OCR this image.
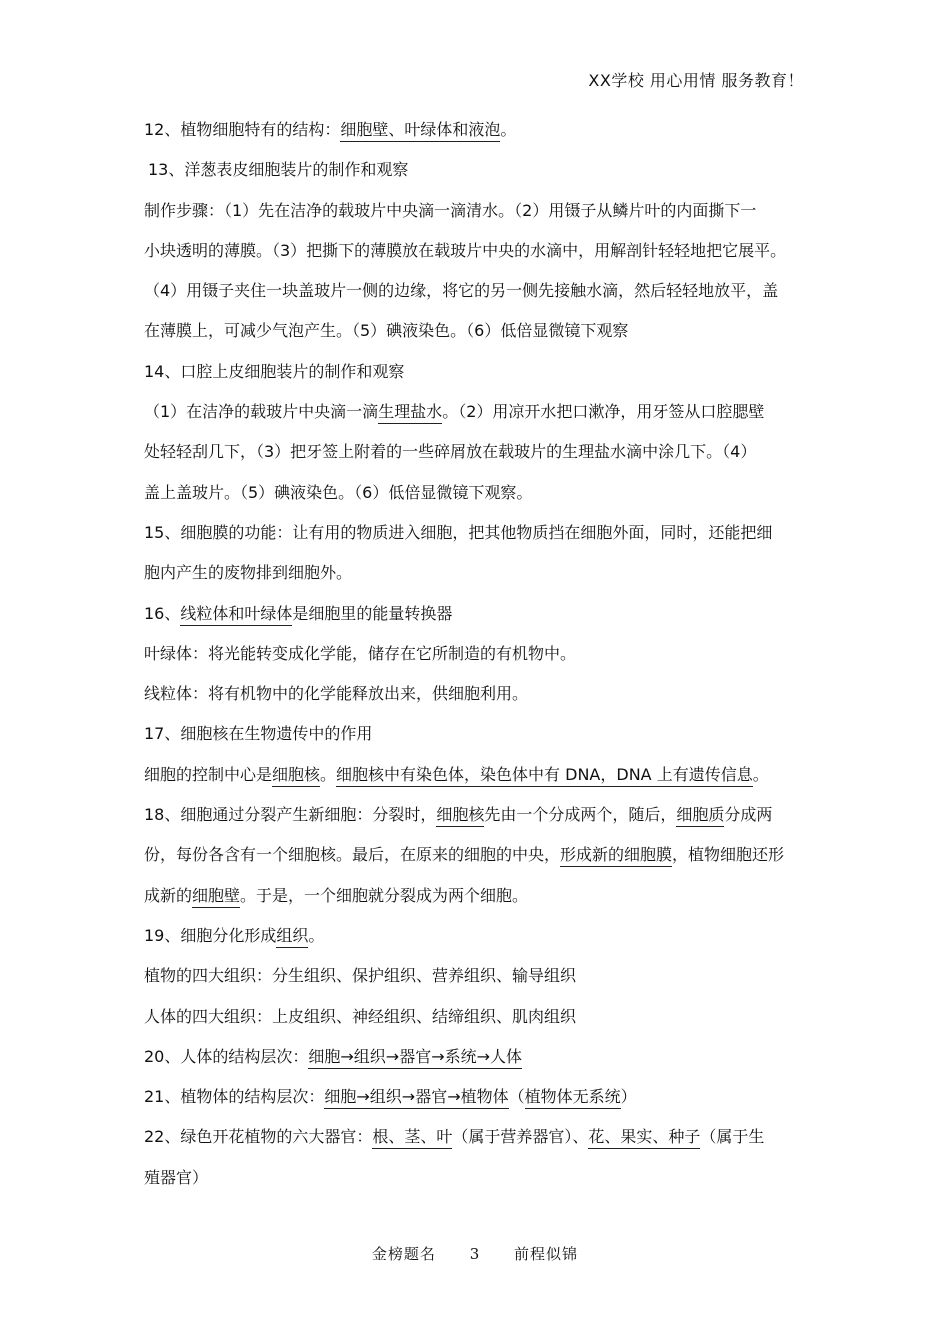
XX学校 用心用情 服务教育！
12、植物细胞特有的结构：细胞壁、叶绿体和液泡。
13、洋葱表皮细胞装片的制作和观察
制作步骤：（1）先在洁净的载玻片中央滴一滴清水。（2）用镊子从鳞片叶的内面撕下一
小块透明的薄膜。（3）把撕下的薄膜放在载玻片中央的水滴中，用解剖针轻轻地把它展平。
（4）用镊子夹住一块盖玻片一侧的边缘，将它的另一侧先接触水滴，然后轻轻地放平，盖
在薄膜上，可减少气泡产生。（5）碘液染色。（6）低倍显微镜下观察
14、口腔上皮细胞装片的制作和观察
（1）在洁净的载玻片中央滴一滴生理盐水。（2）用凉开水把口漱净，用牙签从口腔腮壁
处轻轻刮几下，（3）把牙签上附着的一些碎屑放在载玻片的生理盐水滴中涂几下。（4）
盖上盖玻片。（5）碘液染色。（6）低倍显微镜下观察。
15、细胞膜的功能：让有用的物质进入细胞，把其他物质挡在细胞外面，同时，还能把细
胞内产生的废物排到细胞外。
16、线粒体和叶绿体是细胞里的能量转换器
叶绿体：将光能转变成化学能，储存在它所制造的有机物中。
线粒体：将有机物中的化学能释放出来，供细胞利用。
17、细胞核在生物遗传中的作用
细胞的控制中心是细胞核。细胞核中有染色体，染色体中有 DNA，DNA 上有遗传信息。
18、细胞通过分裂产生新细胞：分裂时，细胞核先由一个分成两个，随后，细胞质分成两
份，每份各含有一个细胞核。最后，在原来的细胞的中央，形成新的细胞膜，植物细胞还形
成新的细胞壁。于是，一个细胞就分裂成为两个细胞。
19、细胞分化形成组织。
植物的四大组织：分生组织、保护组织、营养组织、输导组织
人体的四大组织：上皮组织、神经组织、结缔组织、肌肉组织
20、人体的结构层次：细胞→组织→器官→系统→人体
21、植物体的结构层次：细胞→组织→器官→植物体（植物体无系统）
22、绿色开花植物的六大器官：根、茎、叶（属于营养器官）、花、果实、种子（属于生
殖器官）
金榜题名 3 前程似锦
